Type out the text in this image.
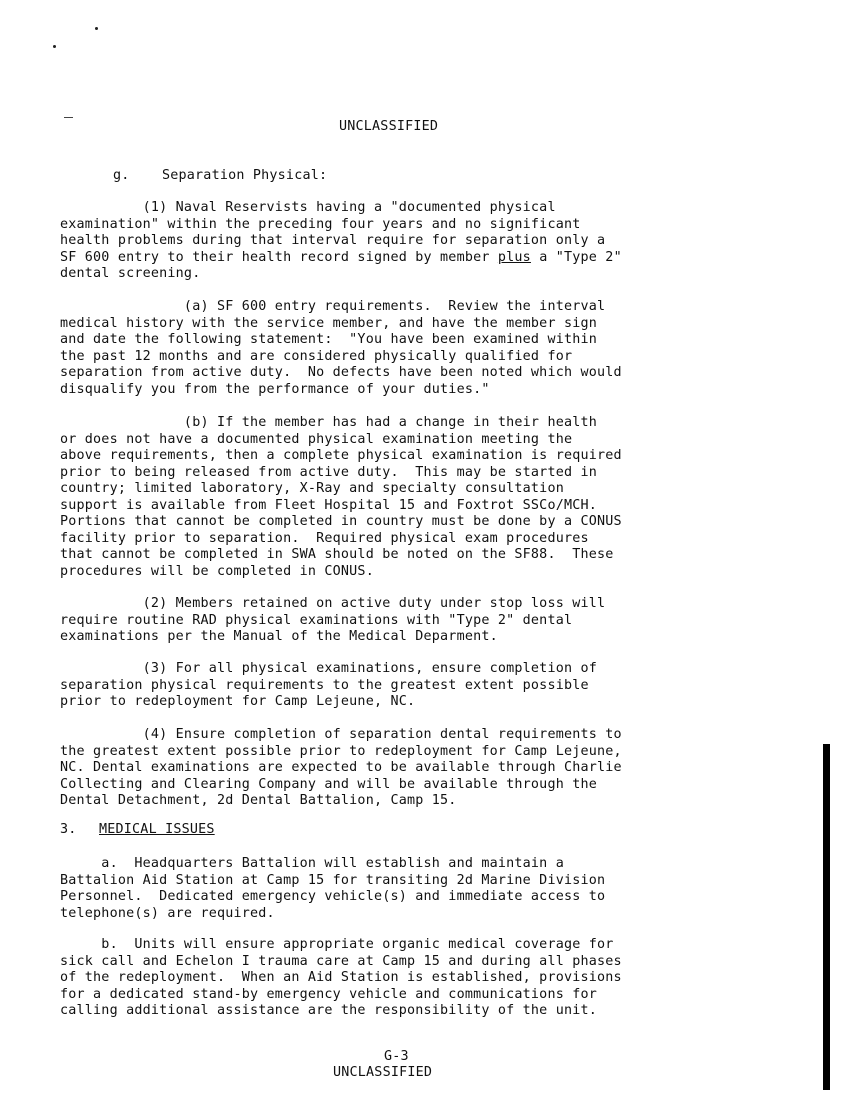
UNCLASSIFIED
g. Separation Physical:
(1) Naval Reservists having a "documented physical
examination" within the preceding four years and no significant
health problems during that interval require for separation only a
SF 600 entry to their health record signed by member plus a "Type 2"
dental screening.
(a) SF 600 entry requirements.  Review the interval
medical history with the service member, and have the member sign
and date the following statement:  "You have been examined within
the past 12 months and are considered physically qualified for
separation from active duty.  No defects have been noted which would
disqualify you from the performance of your duties."
(b) If the member has had a change in their health
or does not have a documented physical examination meeting the
above requirements, then a complete physical examination is required
prior to being released from active duty.  This may be started in
country; limited laboratory, X-Ray and specialty consultation
support is available from Fleet Hospital 15 and Foxtrot SSCo/MCH.
Portions that cannot be completed in country must be done by a CONUS
facility prior to separation.  Required physical exam procedures
that cannot be completed in SWA should be noted on the SF88.  These
procedures will be completed in CONUS.
(2) Members retained on active duty under stop loss will
require routine RAD physical examinations with "Type 2" dental
examinations per the Manual of the Medical Deparment.
(3) For all physical examinations, ensure completion of
separation physical requirements to the greatest extent possible
prior to redeployment for Camp Lejeune, NC.
(4) Ensure completion of separation dental requirements to
the greatest extent possible prior to redeployment for Camp Lejeune,
NC. Dental examinations are expected to be available through Charlie
Collecting and Clearing Company and will be available through the
Dental Detachment, 2d Dental Battalion, Camp 15.
3. MEDICAL ISSUES
a.  Headquarters Battalion will establish and maintain a
Battalion Aid Station at Camp 15 for transiting 2d Marine Division
Personnel.  Dedicated emergency vehicle(s) and immediate access to
telephone(s) are required.
b.  Units will ensure appropriate organic medical coverage for
sick call and Echelon I trauma care at Camp 15 and during all phases
of the redeployment.  When an Aid Station is established, provisions
for a dedicated stand-by emergency vehicle and communications for
calling additional assistance are the responsibility of the unit.
G-3
UNCLASSIFIED
